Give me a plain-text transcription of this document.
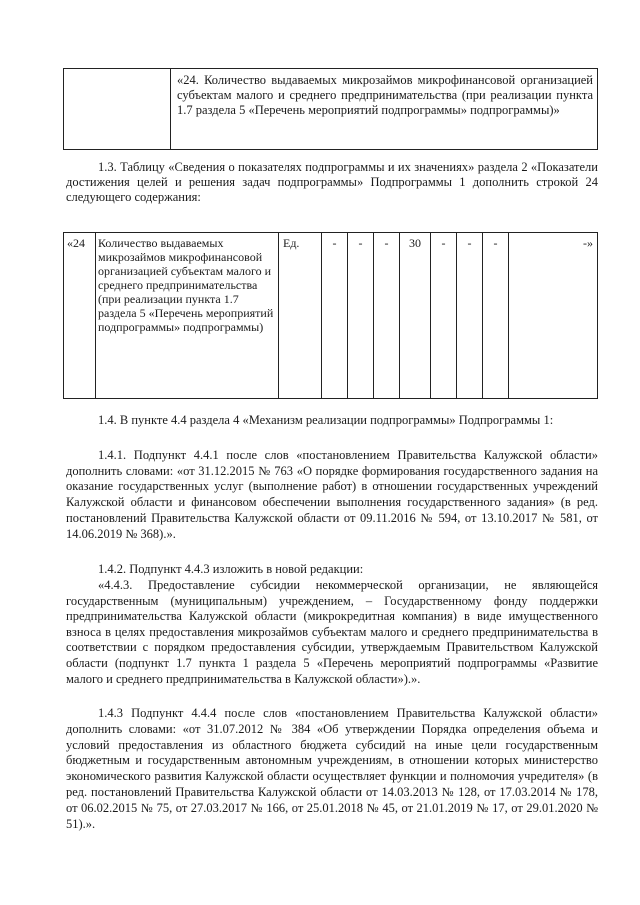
	«24. Количество выдаваемых микрозаймов микрофинансовой организацией субъектам малого и среднего предпринимательства (при реализации пункта 1.7 раздела 5 «Перечень мероприятий подпрограммы» подпрограммы)»
1.3. Таблицу «Сведения о показателях подпрограммы и их значениях» раздела 2 «Показатели достижения целей и решения задач подпрограммы» Подпрограммы 1 дополнить строкой 24 следующего содержания:
«24	Количество выдаваемых микрозаймов микрофинансовой организацией субъектам малого и среднего предпринимательства (при реализации пункта 1.7 раздела 5 «Перечень мероприятий подпрограммы» подпрограммы)	Ед.	-	-	-	30	-	-	-	-»
1.4. В пункте 4.4 раздела 4 «Механизм реализации подпрограммы» Подпрограммы 1:
1.4.1. Подпункт 4.4.1 после слов «постановлением Правительства Калужской области» дополнить словами: «от 31.12.2015 № 763 «О порядке формирования государственного задания на оказание государственных услуг (выполнение работ) в отношении государственных учреждений Калужской области и финансовом обеспечении выполнения государственного задания» (в ред. постановлений Правительства Калужской области от 09.11.2016 № 594, от 13.10.2017 № 581, от 14.06.2019 № 368).».
1.4.2. Подпункт 4.4.3 изложить в новой редакции:
«4.4.3. Предоставление субсидии некоммерческой организации, не являющейся государственным (муниципальным) учреждением, – Государственному фонду поддержки предпринимательства Калужской области (микрокредитная компания) в виде имущественного взноса в целях предоставления микрозаймов субъектам малого и среднего предпринимательства в соответствии с порядком предоставления субсидии, утверждаемым Правительством Калужской области (подпункт 1.7 пункта 1 раздела 5 «Перечень мероприятий подпрограммы «Развитие малого и среднего предпринимательства в Калужской области»).».
1.4.3 Подпункт 4.4.4 после слов «постановлением Правительства Калужской области» дополнить словами: «от 31.07.2012 № 384 «Об утверждении Порядка определения объема и условий предоставления из областного бюджета субсидий на иные цели государственным бюджетным и государственным автономным учреждениям, в отношении которых министерство экономического развития Калужской области осуществляет функции и полномочия учредителя» (в ред. постановлений Правительства Калужской области от 14.03.2013 № 128, от 17.03.2014 № 178, от 06.02.2015 № 75, от 27.03.2017 № 166, от 25.01.2018 № 45, от 21.01.2019 № 17, от 29.01.2020 № 51).».
